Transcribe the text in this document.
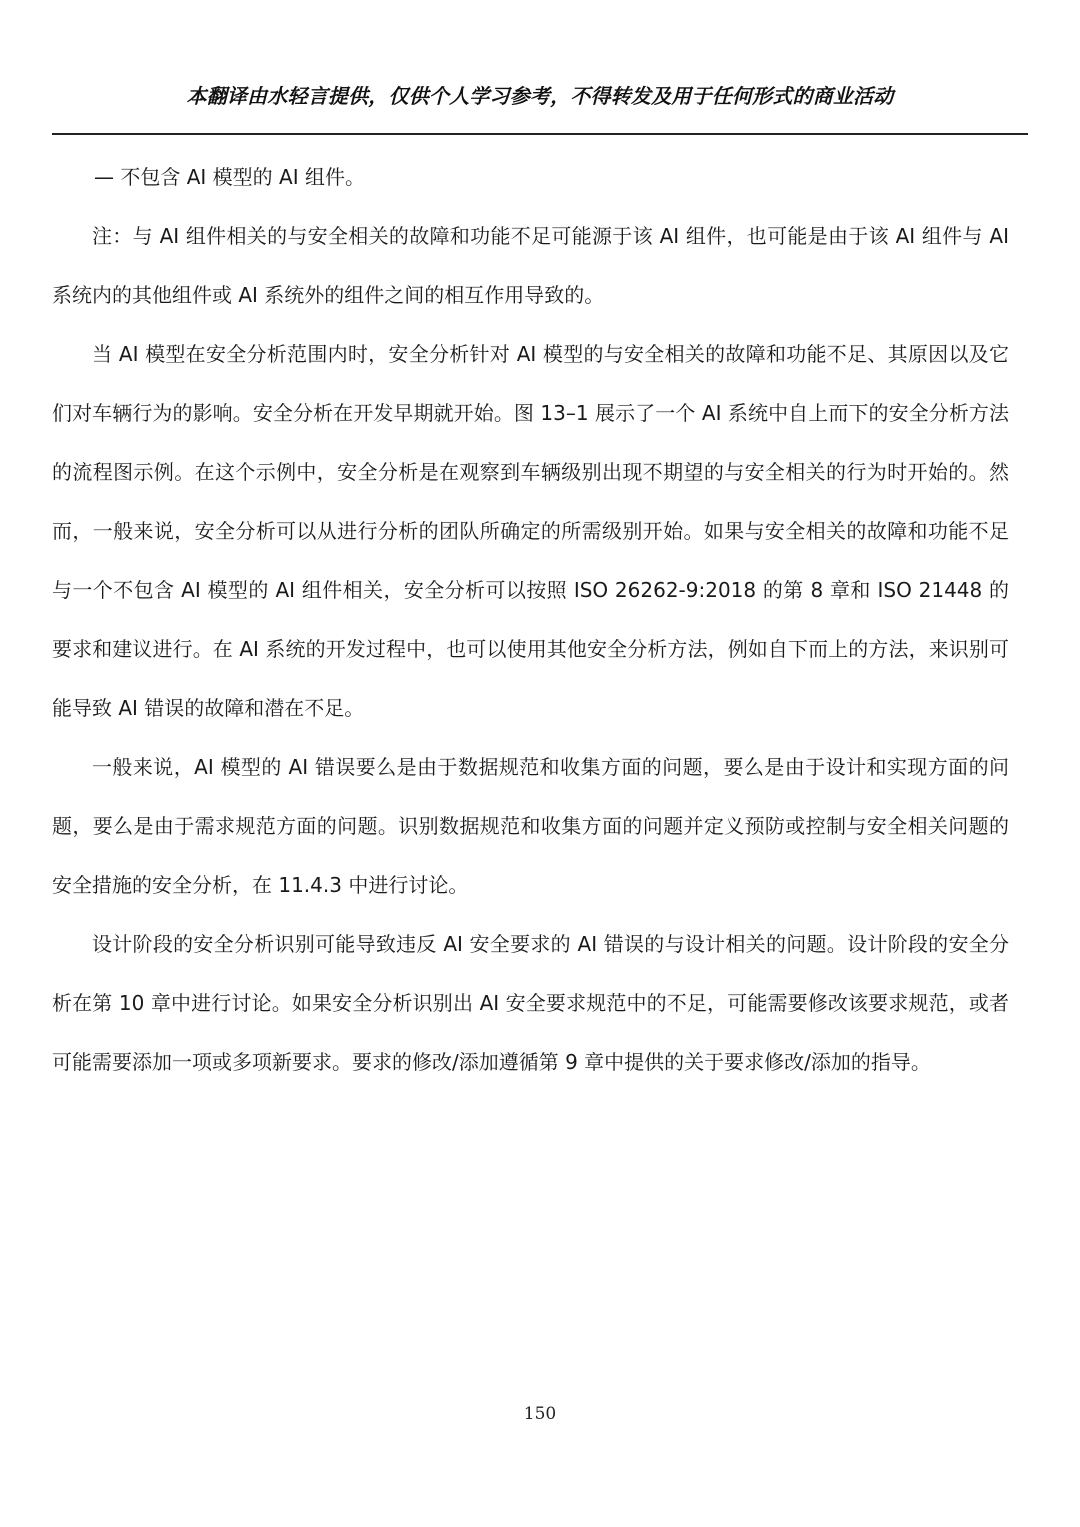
本翻译由水轻言提供，仅供个人学习参考，不得转发及用于任何形式的商业活动

— 不包含 AI 模型的 AI 组件。

注：与 AI 组件相关的与安全相关的故障和功能不足可能源于该 AI 组件，也可能是由于该 AI 组件与 AI 系统内的其他组件或 AI 系统外的组件之间的相互作用导致的。

当 AI 模型在安全分析范围内时，安全分析针对 AI 模型的与安全相关的故障和功能不足、其原因以及它们对车辆行为的影响。安全分析在开发早期就开始。图 13–1 展示了一个 AI 系统中自上而下的安全分析方法的流程图示例。在这个示例中，安全分析是在观察到车辆级别出现不期望的与安全相关的行为时开始的。然而，一般来说，安全分析可以从进行分析的团队所确定的所需级别开始。如果与安全相关的故障和功能不足与一个不包含 AI 模型的 AI 组件相关，安全分析可以按照 ISO 26262-9:2018 的第 8 章和 ISO 21448 的要求和建议进行。在 AI 系统的开发过程中，也可以使用其他安全分析方法，例如自下而上的方法，来识别可能导致 AI 错误的故障和潜在不足。

一般来说，AI 模型的 AI 错误要么是由于数据规范和收集方面的问题，要么是由于设计和实现方面的问题，要么是由于需求规范方面的问题。识别数据规范和收集方面的问题并定义预防或控制与安全相关问题的安全措施的安全分析，在 11.4.3 中进行讨论。

设计阶段的安全分析识别可能导致违反 AI 安全要求的 AI 错误的与设计相关的问题。设计阶段的安全分析在第 10 章中进行讨论。如果安全分析识别出 AI 安全要求规范中的不足，可能需要修改该要求规范，或者可能需要添加一项或多项新要求。要求的修改/添加遵循第 9 章中提供的关于要求修改/添加的指导。

150
